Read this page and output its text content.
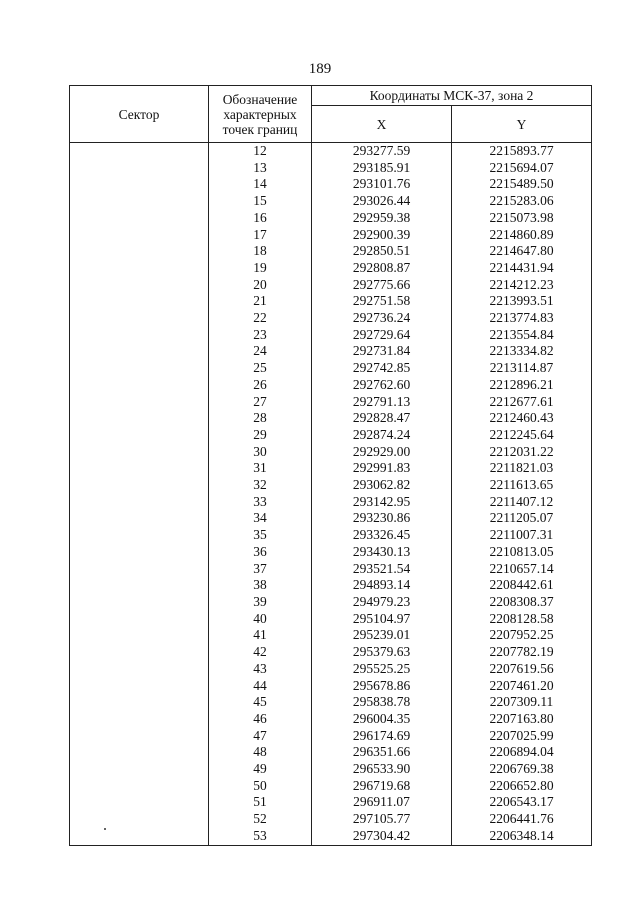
189
Сектор	Обозначение характерных точек границ	Координаты МСК-37, зона 2	
		X	Y
	12	293277.59	2215893.77
	13	293185.91	2215694.07
	14	293101.76	2215489.50
	15	293026.44	2215283.06
	16	292959.38	2215073.98
	17	292900.39	2214860.89
	18	292850.51	2214647.80
	19	292808.87	2214431.94
	20	292775.66	2214212.23
	21	292751.58	2213993.51
	22	292736.24	2213774.83
	23	292729.64	2213554.84
	24	292731.84	2213334.82
	25	292742.85	2213114.87
	26	292762.60	2212896.21
	27	292791.13	2212677.61
	28	292828.47	2212460.43
	29	292874.24	2212245.64
	30	292929.00	2212031.22
	31	292991.83	2211821.03
	32	293062.82	2211613.65
	33	293142.95	2211407.12
	34	293230.86	2211205.07
	35	293326.45	2211007.31
	36	293430.13	2210813.05
	37	293521.54	2210657.14
	38	294893.14	2208442.61
	39	294979.23	2208308.37
	40	295104.97	2208128.58
	41	295239.01	2207952.25
	42	295379.63	2207782.19
	43	295525.25	2207619.56
	44	295678.86	2207461.20
	45	295838.78	2207309.11
	46	296004.35	2207163.80
	47	296174.69	2207025.99
	48	296351.66	2206894.04
	49	296533.90	2206769.38
	50	296719.68	2206652.80
	51	296911.07	2206543.17
	52	297105.77	2206441.76
	53	297304.42	2206348.14
